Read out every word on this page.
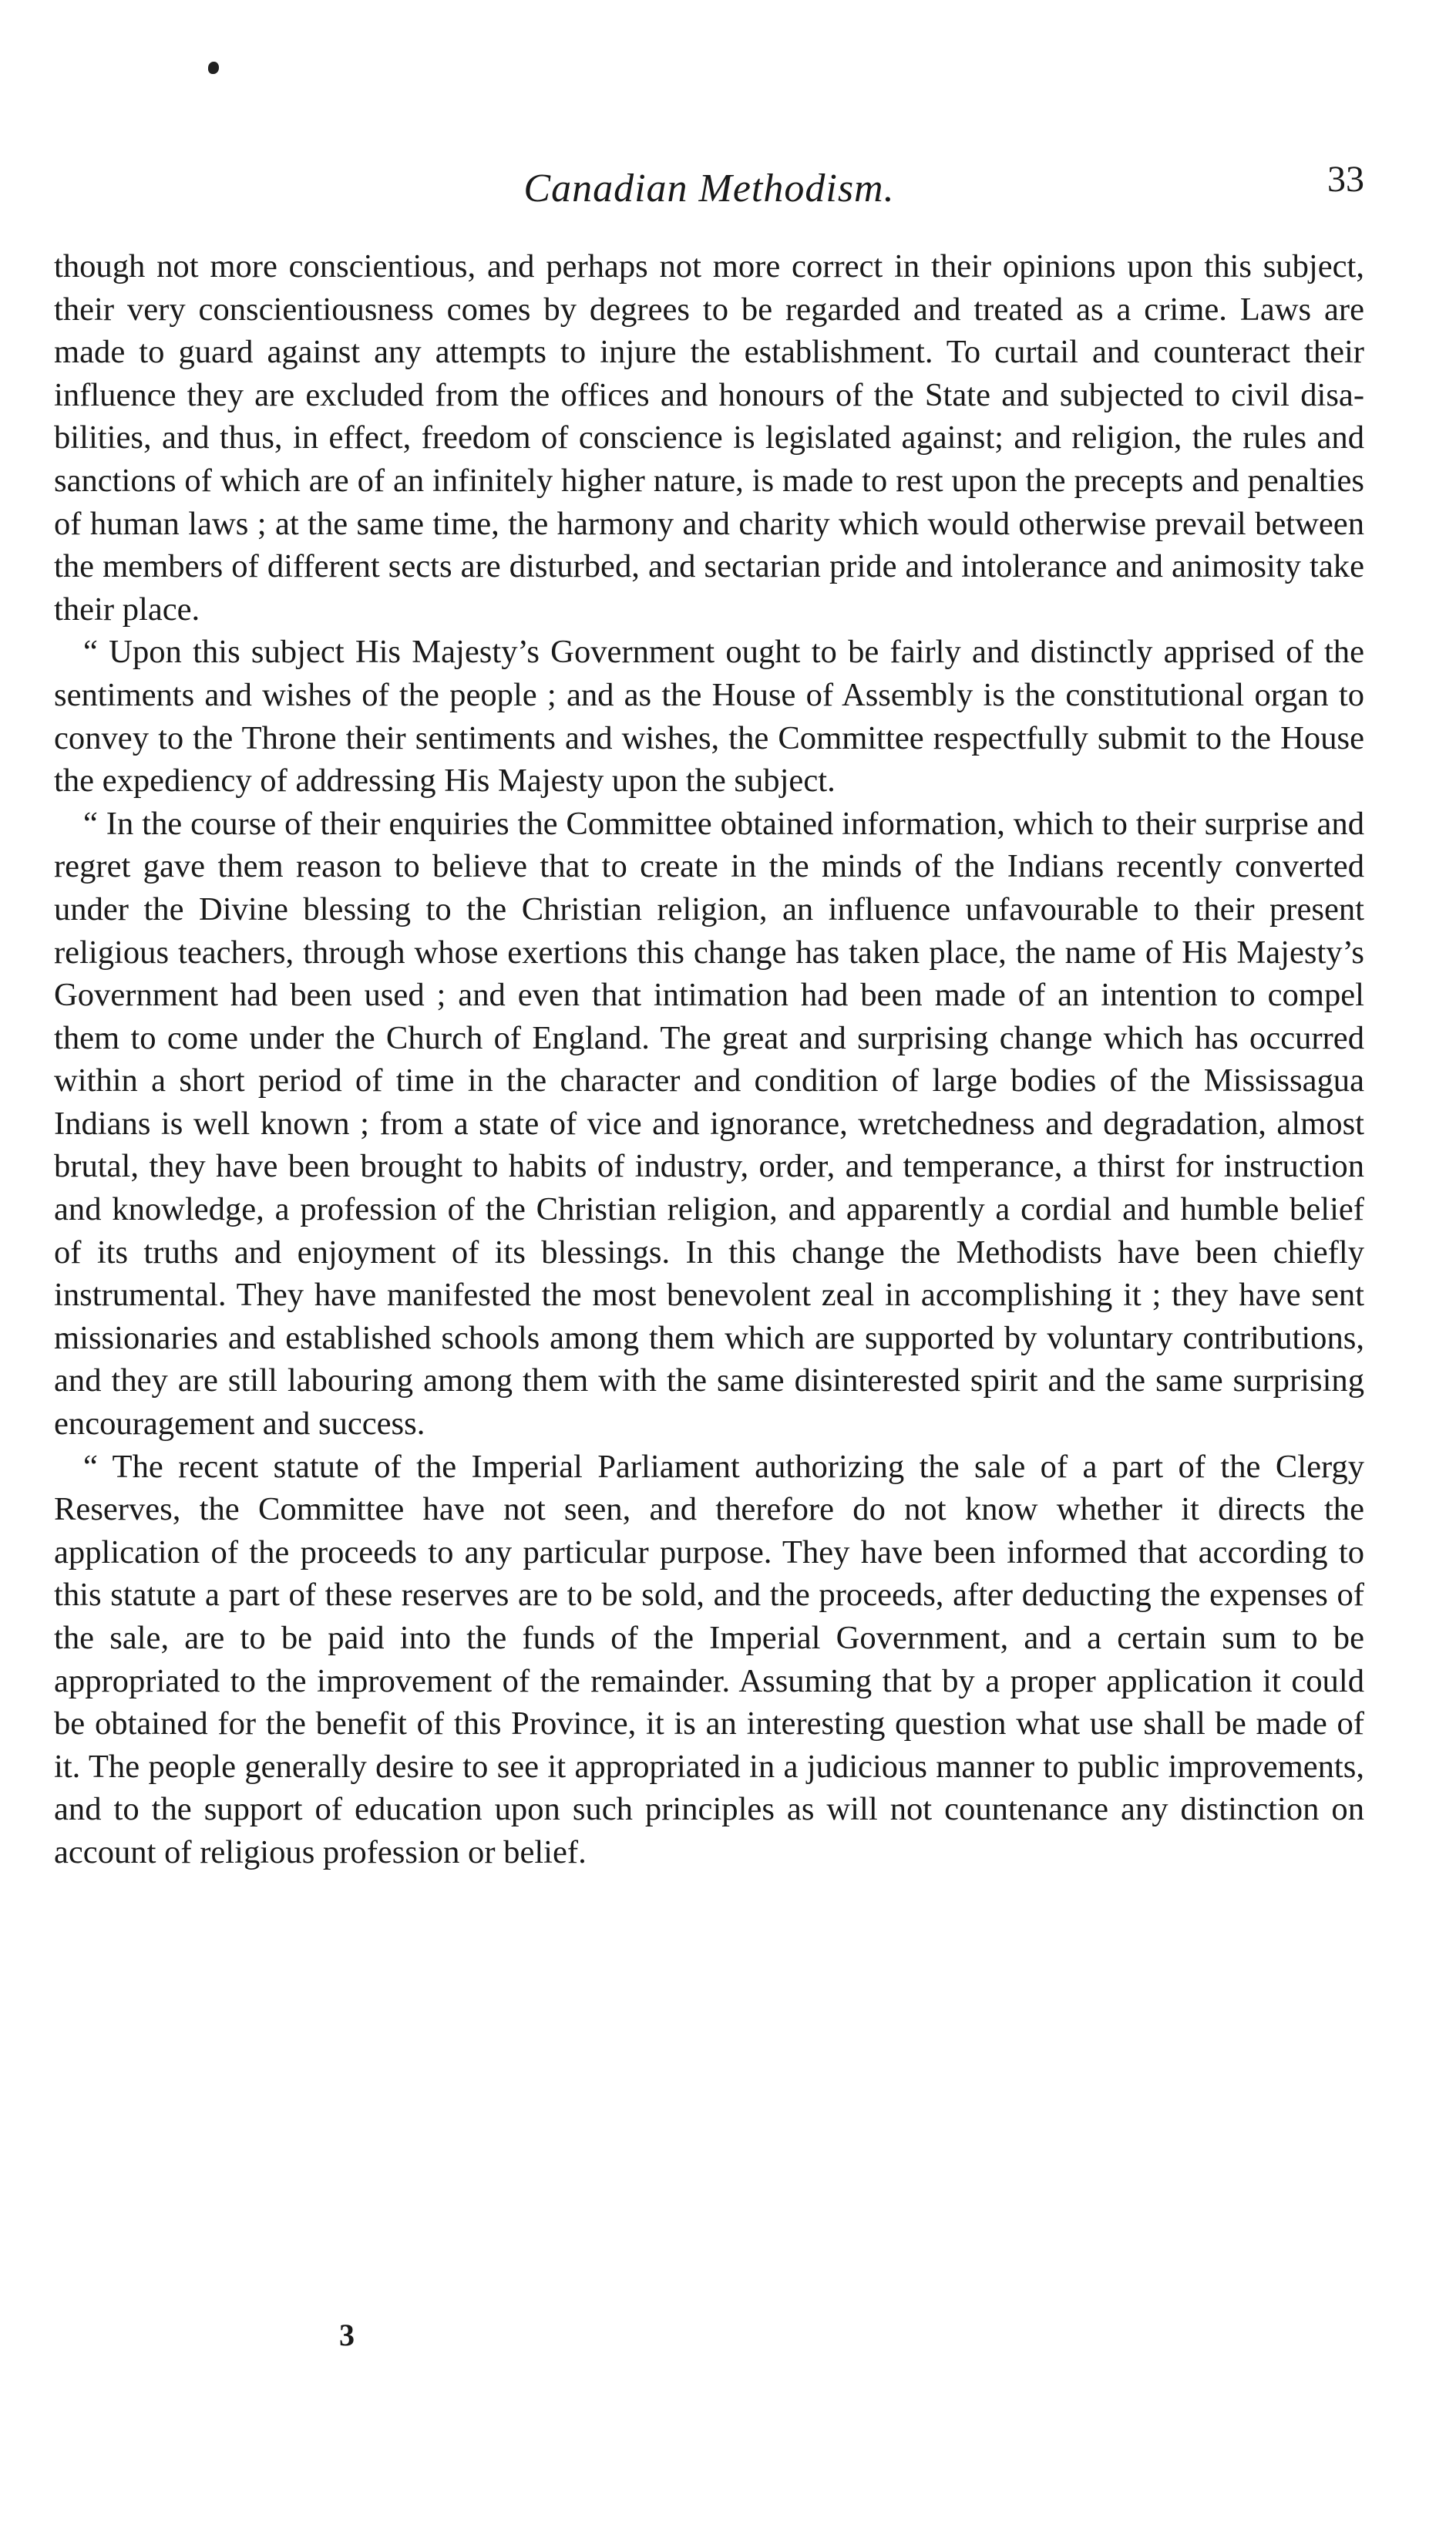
Canadian Methodism.	33

though not more conscientious, and perhaps not more correct in their opinions upon this subject, their very conscientiousness comes by degrees to be regarded and treated as a crime. Laws are made to guard against any attempts to injure the establishment. To curtail and counteract their influence they are excluded from the offices and honours of the State and subjected to civil disabilities, and thus, in effect, freedom of conscience is legislated against; and religion, the rules and sanctions of which are of an infinitely higher nature, is made to rest upon the precepts and penalties of human laws ; at the same time, the harmony and charity which would otherwise prevail between the members of different sects are disturbed, and sectarian pride and intolerance and animosity take their place.

“ Upon this subject His Majesty’s Government ought to be fairly and distinctly apprised of the sentiments and wishes of the people ; and as the House of Assembly is the constitutional organ to convey to the Throne their sentiments and wishes, the Committee respectfully submit to the House the expediency of addressing His Majesty upon the subject.

“ In the course of their enquiries the Committee obtained information, which to their surprise and regret gave them reason to believe that to create in the minds of the Indians recently converted under the Divine blessing to the Christian religion, an influence unfavourable to their present religious teachers, through whose exertions this change has taken place, the name of His Majesty’s Government had been used ; and even that intimation had been made of an intention to compel them to come under the Church of England. The great and surprising change which has occurred within a short period of time in the character and condition of large bodies of the Mississagua Indians is well known ; from a state of vice and ignorance, wretchedness and degradation, almost brutal, they have been brought to habits of industry, order, and temperance, a thirst for instruction and knowledge, a profession of the Christian religion, and apparently a cordial and humble belief of its truths and enjoyment of its blessings. In this change the Methodists have been chiefly instrumental. They have manifested the most benevolent zeal in accomplishing it ; they have sent missionaries and established schools among them which are supported by voluntary contributions, and they are still labouring among them with the same disinterested spirit and the same surprising encouragement and success.

“ The recent statute of the Imperial Parliament authorizing the sale of a part of the Clergy Reserves, the Committee have not seen, and therefore do not know whether it directs the application of the proceeds to any particular purpose. They have been informed that according to this statute a part of these reserves are to be sold, and the proceeds, after deducting the expenses of the sale, are to be paid into the funds of the Imperial Government, and a certain sum to be appropriated to the improvement of the remainder. Assuming that by a proper application it could be obtained for the benefit of this Province, it is an interesting question what use shall be made of it. The people generally desire to see it appropriated in a judicious manner to public improvements, and to the support of education upon such principles as will not countenance any distinction on account of religious profession or belief.

3
